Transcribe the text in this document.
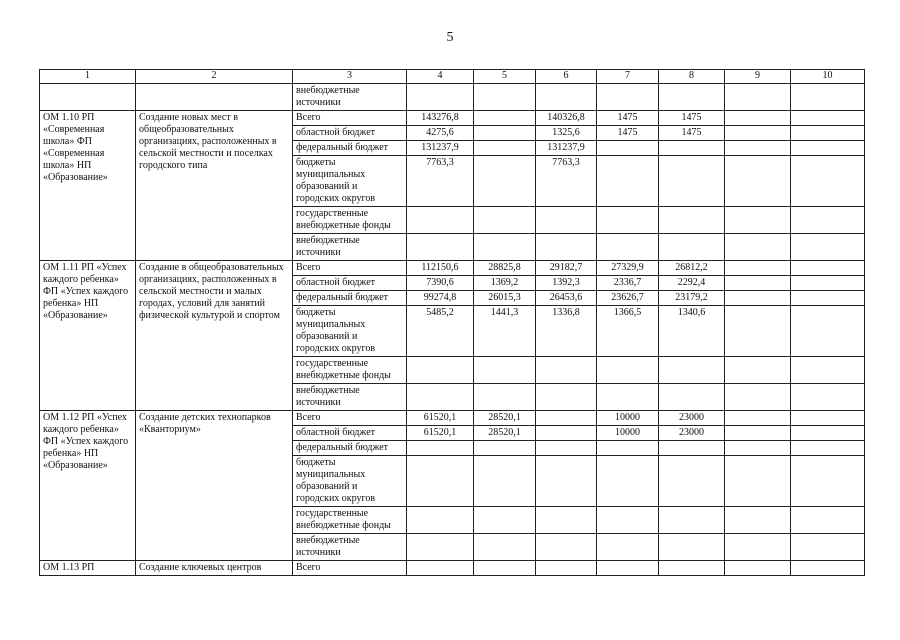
5
1	2	3	4	5	6	7	8	9	10
		внебюджетные источники							
ОМ 1.10 РП «Современная школа» ФП «Современная школа» НП «Образование»	Создание новых мест в общеобразовательных организациях, расположенных в сельской местности и поселках городского типа	Всего	143276,8		140326,8	1475	1475		
		областной бюджет	4275,6		1325,6	1475	1475		
		федеральный бюджет	131237,9		131237,9				
		бюджеты муниципальных образований и городских округов	7763,3		7763,3				
		государственные внебюджетные фонды							
		внебюджетные источники							
ОМ 1.11 РП «Успех каждого ребенка» ФП «Успех каждого ребенка» НП «Образование»	Создание в общеобразовательных организациях, расположенных в сельской местности и малых городах, условий для занятий физической культурой и спортом	Всего	112150,6	28825,8	29182,7	27329,9	26812,2		
		областной бюджет	7390,6	1369,2	1392,3	2336,7	2292,4		
		федеральный бюджет	99274,8	26015,3	26453,6	23626,7	23179,2		
		бюджеты муниципальных образований и городских округов	5485,2	1441,3	1336,8	1366,5	1340,6		
		государственные внебюджетные фонды							
		внебюджетные источники							
ОМ 1.12 РП «Успех каждого ребенка» ФП «Успех каждого ребенка» НП «Образование»	Создание детских технопарков «Кванториум»	Всего	61520,1	28520,1		10000	23000		
		областной бюджет	61520,1	28520,1		10000	23000		
		федеральный бюджет							
		бюджеты муниципальных образований и городских округов							
		государственные внебюджетные фонды							
		внебюджетные источники							
ОМ 1.13 РП	Создание ключевых центров	Всего							
